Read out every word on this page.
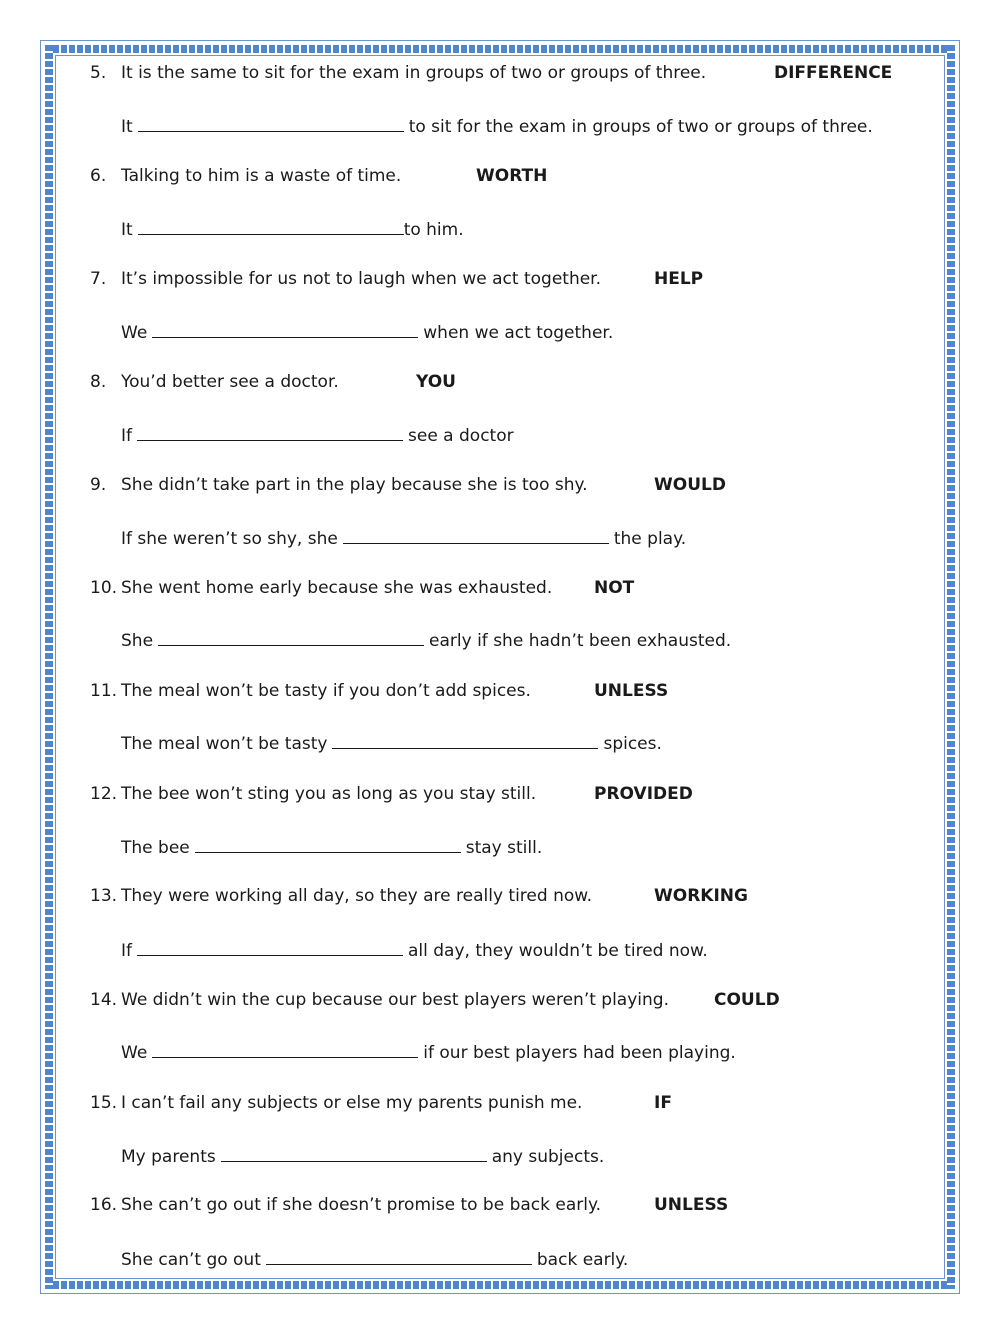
5. It is the same to sit for the exam in groups of two or groups of three.	DIFFERENCE
It	to sit for the exam in groups of two or groups of three.
6. Talking to him is a waste of time.	WORTH
It	to him.
7. It’s impossible for us not to laugh when we act together.	HELP
We	when we act together.
8. You’d better see a doctor.	YOU
If	see a doctor
9. She didn’t take part in the play because she is too shy.	WOULD
If she weren’t so shy, she	the play.
10. She went home early because she was exhausted. NOT
She	early if she hadn’t been exhausted.
11. The meal won’t be tasty if you don’t add spices.	UNLESS
The meal won’t be tasty	spices.
12. The bee won’t sting you as long as you stay still.	PROVIDED
The bee	stay still.
13. They were working all day, so they are really tired now.	WORKING
If	all day, they wouldn’t be tired now.
14. We didn’t win the cup because our best players weren’t playing.	COULD
We	if our best players had been playing.
15. I can’t fail any subjects or else my parents punish me.	IF
My parents	any subjects.
16. She can’t go out if she doesn’t promise to be back early.	UNLESS
She can’t go out	back early.
